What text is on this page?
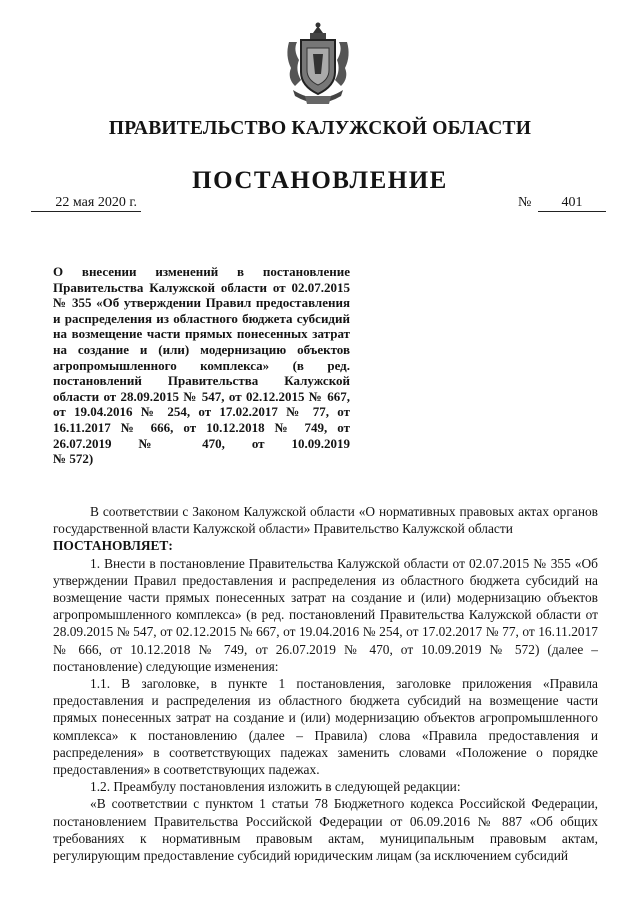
ПРАВИТЕЛЬСТВО КАЛУЖСКОЙ ОБЛАСТИ
ПОСТАНОВЛЕНИЕ
22 мая 2020 г.	№	401
О внесении изменений в постановление Правительства Калужской области от 02.07.2015 № 355 «Об утверждении Правил предоставления и распределения из областного бюджета субсидий на возмещение части прямых понесенных затрат на создание и (или) модернизацию объектов агропромышленного комплекса» (в ред. постановлений Правительства Калужской области от 28.09.2015 № 547, от 02.12.2015 № 667, от 19.04.2016 № 254, от 17.02.2017 № 77, от 16.11.2017 № 666, от 10.12.2018 № 749, от 26.07.2019 № 470, от 10.09.2019
№ 572)

В соответствии с Законом Калужской области «О нормативных правовых актах органов государственной власти Калужской области» Правительство Калужской области

ПОСТАНОВЛЯЕТ:

1. Внести в постановление Правительства Калужской области от 02.07.2015 № 355 «Об утверждении Правил предоставления и распределения из областного бюджета субсидий на возмещение части прямых понесенных затрат на создание и (или) модернизацию объектов агропромышленного комплекса» (в ред. постановлений Правительства Калужской области от 28.09.2015 № 547, от 02.12.2015 № 667, от 19.04.2016 № 254, от 17.02.2017 № 77, от 16.11.2017 № 666, от 10.12.2018 № 749, от 26.07.2019 № 470, от 10.09.2019 № 572) (далее – постановление) следующие изменения:

1.1. В заголовке, в пункте 1 постановления, заголовке приложения «Правила предоставления и распределения из областного бюджета субсидий на возмещение части прямых понесенных затрат на создание и (или) модернизацию объектов агропромышленного комплекса» к постановлению (далее – Правила) слова «Правила предоставления и распределения» в соответствующих падежах заменить словами «Положение о порядке предоставления» в соответствующих падежах.

1.2. Преамбулу постановления изложить в следующей редакции:

«В соответствии с пунктом 1 статьи 78 Бюджетного кодекса Российской Федерации, постановлением Правительства Российской Федерации от 06.09.2016 № 887 «Об общих требованиях к нормативным правовым актам, муниципальным правовым актам, регулирующим предоставление субсидий юридическим лицам (за исключением субсидий
